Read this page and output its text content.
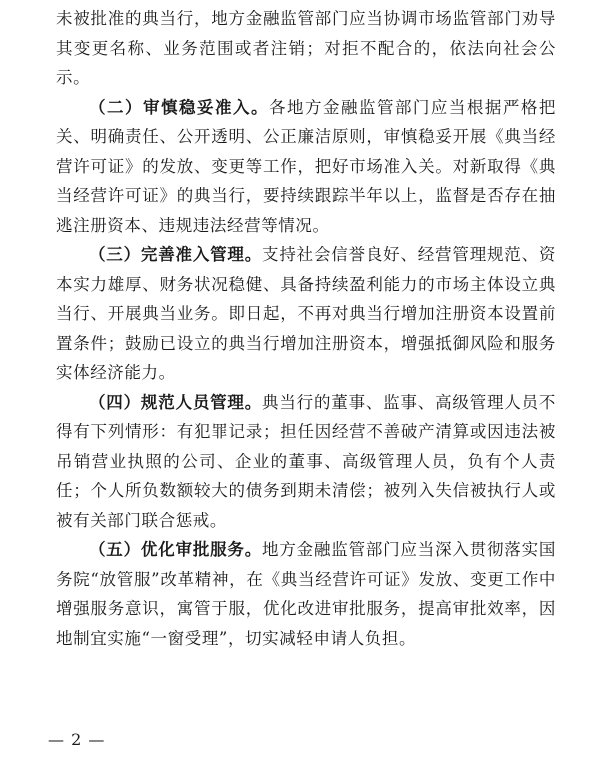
未被批准的典当行，地方金融监管部门应当协调市场监管部门劝导其变更名称、业务范围或者注销；对拒不配合的，依法向社会公示。

（二）审慎稳妥准入。各地方金融监管部门应当根据严格把关、明确责任、公开透明、公正廉洁原则，审慎稳妥开展《典当经营许可证》的发放、变更等工作，把好市场准入关。对新取得《典当经营许可证》的典当行，要持续跟踪半年以上，监督是否存在抽逃注册资本、违规违法经营等情况。

（三）完善准入管理。支持社会信誉良好、经营管理规范、资本实力雄厚、财务状况稳健、具备持续盈利能力的市场主体设立典当行、开展典当业务。即日起，不再对典当行增加注册资本设置前置条件；鼓励已设立的典当行增加注册资本，增强抵御风险和服务实体经济能力。

（四）规范人员管理。典当行的董事、监事、高级管理人员不得有下列情形：有犯罪记录；担任因经营不善破产清算或因违法被吊销营业执照的公司、企业的董事、高级管理人员，负有个人责任；个人所负数额较大的债务到期未清偿；被列入失信被执行人或被有关部门联合惩戒。

（五）优化审批服务。地方金融监管部门应当深入贯彻落实国务院“放管服”改革精神，在《典当经营许可证》发放、变更工作中增强服务意识，寓管于服，优化改进审批服务，提高审批效率，因地制宜实施“一窗受理”，切实减轻申请人负担。

— 2 —
